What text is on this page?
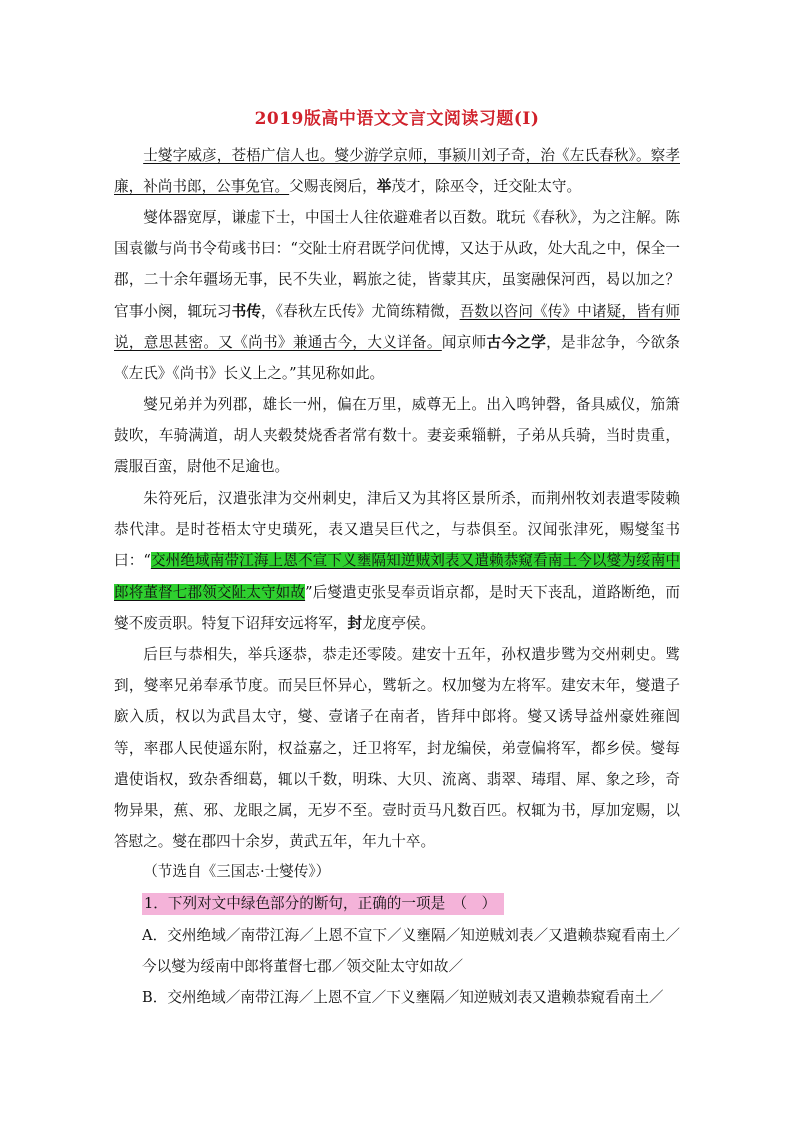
2019版高中语文文言文阅读习题(I)

士燮字威彦，苍梧广信人也。燮少游学京师，事颍川刘子奇，治《左氏春秋》。察孝廉，补尚书郎，公事免官。父赐丧阕后，举茂才，除巫令，迁交阯太守。

燮体器宽厚，谦虚下士，中国士人往依避难者以百数。耽玩《春秋》，为之注解。陈国袁徽与尚书令荀彧书曰：“交阯士府君既学问优博，又达于从政，处大乱之中，保全一郡，二十余年疆场无事，民不失业，羁旅之徒，皆蒙其庆，虽窦融保河西，曷以加之？官事小阕，辄玩习书传，《春秋左氏传》尤简练精微，吾数以咨问《传》中诸疑，皆有师说，意思甚密。又《尚书》兼通古今，大义详备。闻京师古今之学，是非忿争，今欲条《左氏》《尚书》长义上之。”其见称如此。

燮兄弟并为列郡，雄长一州，偏在万里，威尊无上。出入鸣钟磬，备具威仪，笳箫鼓吹，车骑满道，胡人夹毂焚烧香者常有数十。妻妾乘辎軿，子弟从兵骑，当时贵重，震服百蛮，尉他不足逾也。

朱符死后，汉遣张津为交州刺史，津后又为其将区景所杀，而荆州牧刘表遣零陵赖恭代津。是时苍梧太守史璜死，表又遣吴巨代之，与恭俱至。汉闻张津死，赐燮玺书曰：“交州绝域南带江海上恩不宣下义壅隔知逆贼刘表又遣赖恭窥看南土今以燮为绥南中郎将董督七郡领交阯太守如故”后燮遣吏张旻奉贡诣京都，是时天下丧乱，道路断绝，而燮不废贡职。特复下诏拜安远将军，封龙度亭侯。

后巨与恭相失，举兵逐恭，恭走还零陵。建安十五年，孙权遣步骘为交州刺史。骘到，燮率兄弟奉承节度。而吴巨怀异心，骘斩之。权加燮为左将军。建安末年，燮遣子廞入质，权以为武昌太守，燮、壹诸子在南者，皆拜中郎将。燮又诱导益州豪姓雍闿等，率郡人民使遥东附，权益嘉之，迁卫将军，封龙编侯，弟壹偏将军，都乡侯。燮每遣使诣权，致杂香细葛，辄以千数，明珠、大贝、流离、翡翠、瑇瑁、犀、象之珍，奇物异果，蕉、邪、龙眼之属，无岁不至。壹时贡马凡数百匹。权辄为书，厚加宠赐，以答慰之。燮在郡四十余岁，黄武五年，年九十卒。

（节选自《三国志·士燮传》）

1．下列对文中绿色部分的断句，正确的一项是　（　）

A．交州绝域／南带江海／上恩不宣下／义壅隔／知逆贼刘表／又遣赖恭窥看南土／今以燮为绥南中郎将董督七郡／领交阯太守如故／

B．交州绝域／南带江海／上恩不宣／下义壅隔／知逆贼刘表又遣赖恭窥看南土／
